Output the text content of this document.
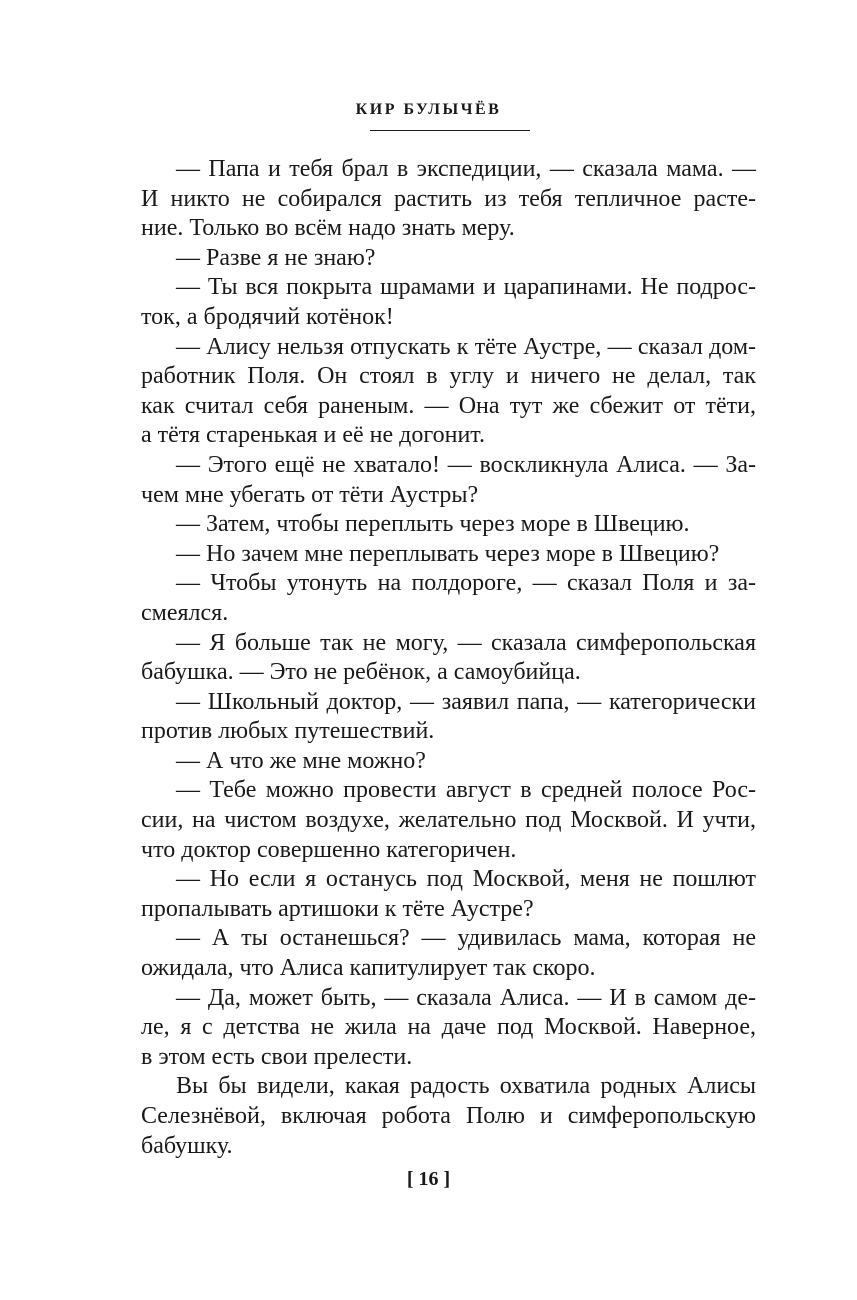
КИР БУЛЫЧЁВ
— Папа и тебя брал в экспедиции, — сказала мама. —
И никто не собирался растить из тебя тепличное расте-
ние. Только во всём надо знать меру.
— Разве я не знаю?
— Ты вся покрыта шрамами и царапинами. Не подрос-
ток, а бродячий котёнок!
— Алису нельзя отпускать к тёте Аустре, — сказал дом-
работник Поля. Он стоял в углу и ничего не делал, так
как считал себя раненым. — Она тут же сбежит от тёти,
а тётя старенькая и её не догонит.
— Этого ещё не хватало! — воскликнула Алиса. — За-
чем мне убегать от тёти Аустры?
— Затем, чтобы переплыть через море в Швецию.
— Но зачем мне переплывать через море в Швецию?
— Чтобы утонуть на полдороге, — сказал Поля и за-
смеялся.
— Я больше так не могу, — сказала симферопольская
бабушка. — Это не ребёнок, а самоубийца.
— Школьный доктор, — заявил папа, — категорически
против любых путешествий.
— А что же мне можно?
— Тебе можно провести август в средней полосе Рос-
сии, на чистом воздухе, желательно под Москвой. И учти,
что доктор совершенно категоричен.
— Но если я останусь под Москвой, меня не пошлют
пропалывать артишоки к тёте Аустре?
— А ты останешься? — удивилась мама, которая не
ожидала, что Алиса капитулирует так скоро.
— Да, может быть, — сказала Алиса. — И в самом де-
ле, я с детства не жила на даче под Москвой. Наверное,
в этом есть свои прелести.
Вы бы видели, какая радость охватила родных Алисы
Селезнёвой, включая робота Полю и симферопольскую
бабушку.
[ 16 ]
